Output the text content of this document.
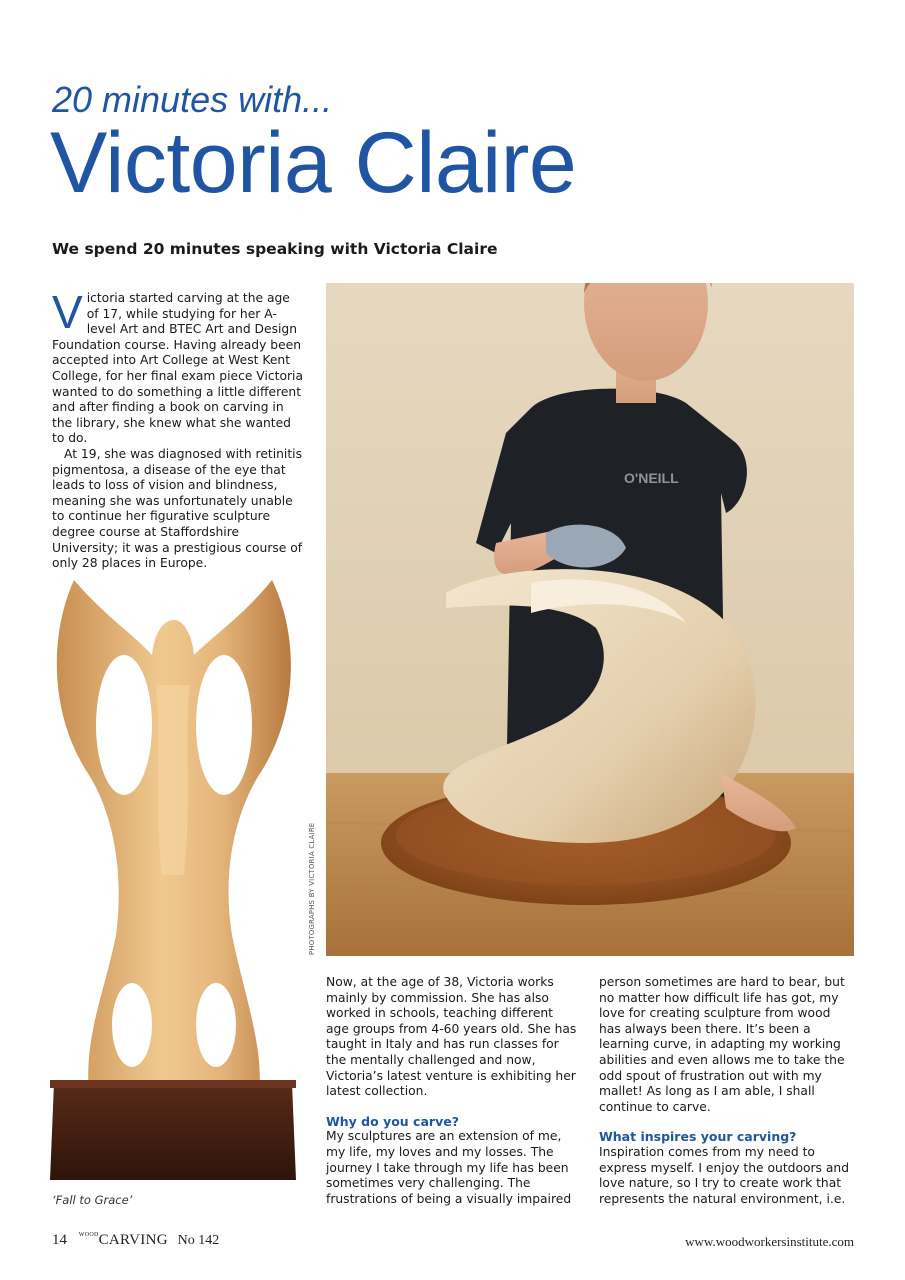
20 minutes with...
Victoria Claire
We spend 20 minutes speaking with Victoria Claire

Victoria started carving at the age of 17, while studying for her A-level Art and BTEC Art and Design Foundation course. Having already been accepted into Art College at West Kent College, for her final exam piece Victoria wanted to do something a little different and after finding a book on carving in the library, she knew what she wanted to do.

At 19, she was diagnosed with retinitis pigmentosa, a disease of the eye that leads to loss of vision and blindness, meaning she was unfortunately unable to continue her figurative sculpture degree course at Staffordshire University; it was a prestigious course of only 28 places in Europe.

O'NEILL
PHOTOGRAPHS BY VICTORIA CLAIRE
‘Fall to Grace’

Now, at the age of 38, Victoria works mainly by commission. She has also worked in schools, teaching different age groups from 4-60 years old. She has taught in Italy and has run classes for the mentally challenged and now, Victoria’s latest venture is exhibiting her latest collection.

Why do you carve?

My sculptures are an extension of me, my life, my loves and my losses. The journey I take through my life has been sometimes very challenging. The frustrations of being a visually impaired

person sometimes are hard to bear, but no matter how difficult life has got, my love for creating sculpture from wood has always been there. It’s been a learning curve, in adapting my working abilities and even allows me to take the odd spout of frustration out with my mallet! As long as I am able, I shall continue to carve.

What inspires your carving?

Inspiration comes from my need to express myself. I enjoy the outdoors and love nature, so I try to create work that represents the natural environment, i.e.

14 $^{WOOD}$CARVING No 142	www.woodworkersinstitute.com
